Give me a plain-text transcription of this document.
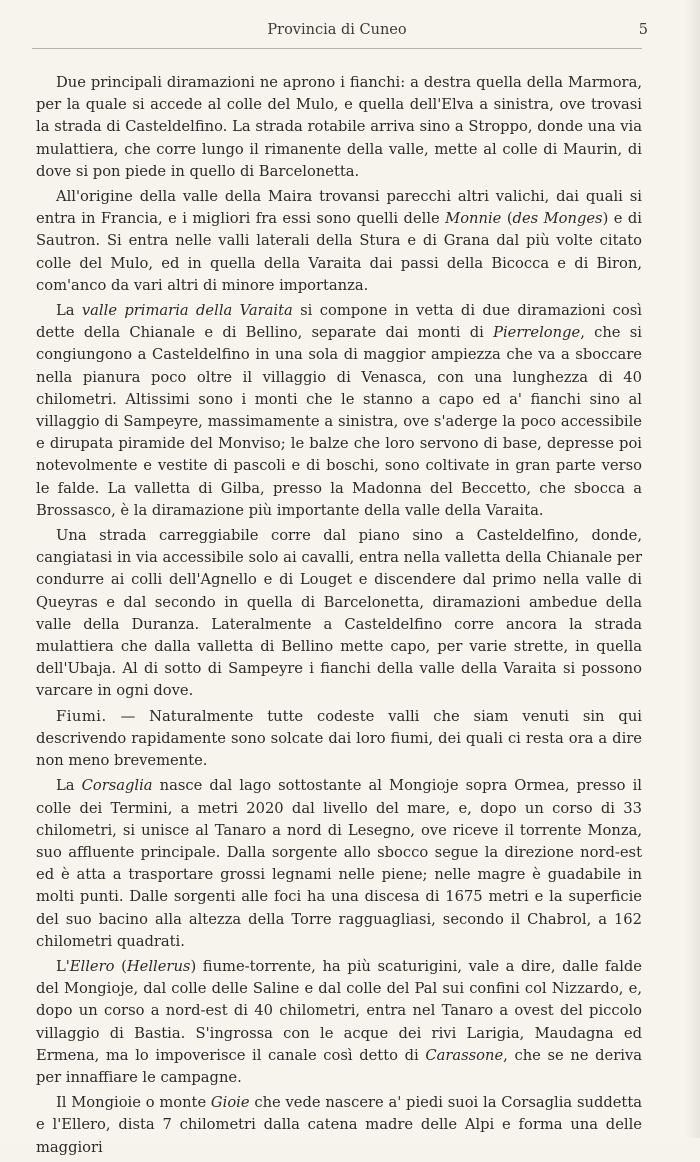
Provincia di Cuneo	5

Due principali diramazioni ne aprono i fianchi: a destra quella della Marmora, per la quale si accede al colle del Mulo, e quella dell'Elva a sinistra, ove trovasi la strada di Casteldelfino. La strada rotabile arriva sino a Stroppo, donde una via mulattiera, che corre lungo il rimanente della valle, mette al colle di Maurin, di dove si pon piede in quello di Barcelonetta.

All'origine della valle della Maira trovansi parecchi altri valichi, dai quali si entra in Francia, e i migliori fra essi sono quelli delle Monnie (des Monges) e di Sautron. Si entra nelle valli laterali della Stura e di Grana dal più volte citato colle del Mulo, ed in quella della Varaita dai passi della Bicocca e di Biron, com'anco da vari altri di minore importanza.

La valle primaria della Varaita si compone in vetta di due diramazioni così dette della Chianale e di Bellino, separate dai monti di Pierrelonge, che si congiungono a Casteldelfino in una sola di maggior ampiezza che va a sboccare nella pianura poco oltre il villaggio di Venasca, con una lunghezza di 40 chilometri. Altissimi sono i monti che le stanno a capo ed a' fianchi sino al villaggio di Sampeyre, massimamente a sinistra, ove s'aderge la poco accessibile e dirupata piramide del Monviso; le balze che loro servono di base, depresse poi notevolmente e vestite di pascoli e di boschi, sono coltivate in gran parte verso le falde. La valletta di Gilba, presso la Madonna del Beccetto, che sbocca a Brossasco, è la diramazione più importante della valle della Varaita.

Una strada carreggiabile corre dal piano sino a Casteldelfino, donde, cangiatasi in via accessibile solo ai cavalli, entra nella valletta della Chianale per condurre ai colli dell'Agnello e di Louget e discendere dal primo nella valle di Queyras e dal secondo in quella di Barcelonetta, diramazioni ambedue della valle della Duranza. Lateralmente a Casteldelfino corre ancora la strada mulattiera che dalla valletta di Bellino mette capo, per varie strette, in quella dell'Ubaja. Al di sotto di Sampeyre i fianchi della valle della Varaita si possono varcare in ogni dove.

Fiumi. — Naturalmente tutte codeste valli che siam venuti sin qui descrivendo rapidamente sono solcate dai loro fiumi, dei quali ci resta ora a dire non meno brevemente.

La Corsaglia nasce dal lago sottostante al Mongioje sopra Ormea, presso il colle dei Termini, a metri 2020 dal livello del mare, e, dopo un corso di 33 chilometri, si unisce al Tanaro a nord di Lesegno, ove riceve il torrente Monza, suo affluente principale. Dalla sorgente allo sbocco segue la direzione nord-est ed è atta a trasportare grossi legnami nelle piene; nelle magre è guadabile in molti punti. Dalle sorgenti alle foci ha una discesa di 1675 metri e la superficie del suo bacino alla altezza della Torre ragguagliasi, secondo il Chabrol, a 162 chilometri quadrati.

L'Ellero (Hellerus) fiume-torrente, ha più scaturigini, vale a dire, dalle falde del Mongioje, dal colle delle Saline e dal colle del Pal sui confini col Nizzardo, e, dopo un corso a nord-est di 40 chilometri, entra nel Tanaro a ovest del piccolo villaggio di Bastia. S'ingrossa con le acque dei rivi Larigia, Maudagna ed Ermena, ma lo impoverisce il canale così detto di Carassone, che se ne deriva per innaffiare le campagne.

Il Mongioie o monte Gioie che vede nascere a' piedi suoi la Corsaglia suddetta e l'Ellero, dista 7 chilometri dalla catena madre delle Alpi e forma una delle maggiori
